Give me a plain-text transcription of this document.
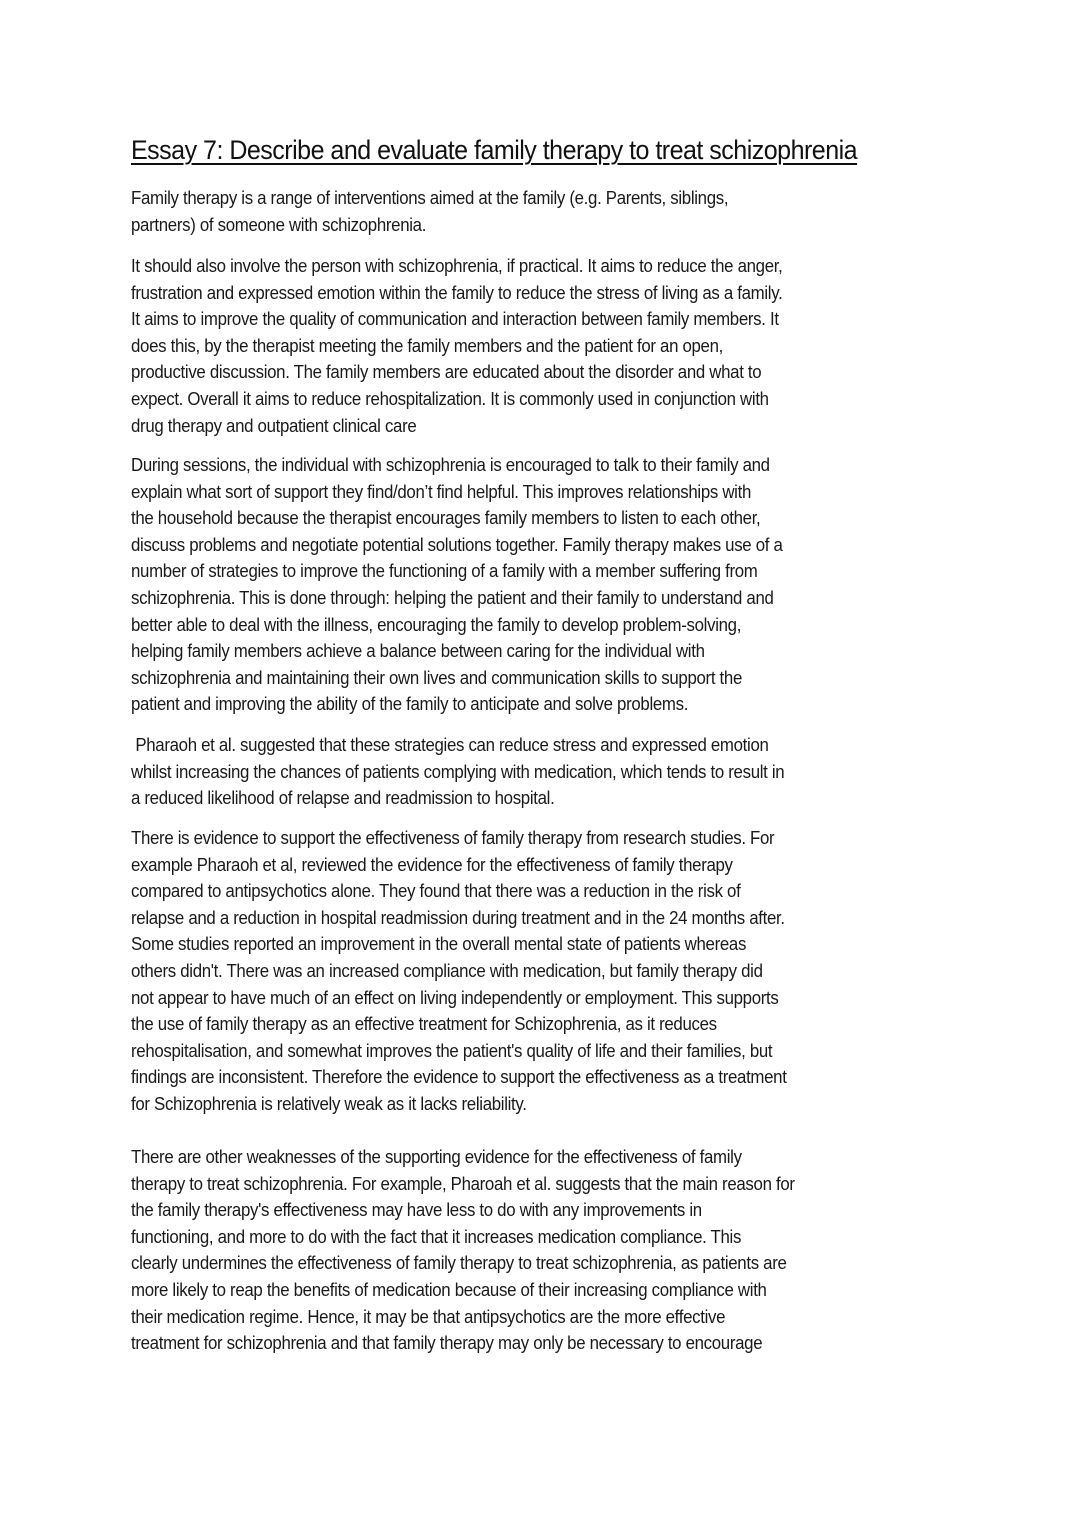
Essay 7: Describe and evaluate family therapy to treat schizophrenia
Family therapy is a range of interventions aimed at the family (e.g. Parents, siblings,
partners) of someone with schizophrenia.
It should also involve the person with schizophrenia, if practical. It aims to reduce the anger,
frustration and expressed emotion within the family to reduce the stress of living as a family.
It aims to improve the quality of communication and interaction between family members. It
does this, by the therapist meeting the family members and the patient for an open,
productive discussion. The family members are educated about the disorder and what to
expect. Overall it aims to reduce rehospitalization. It is commonly used in conjunction with
drug therapy and outpatient clinical care
During sessions, the individual with schizophrenia is encouraged to talk to their family and
explain what sort of support they find/don’t find helpful. This improves relationships with
the household because the therapist encourages family members to listen to each other,
discuss problems and negotiate potential solutions together. Family therapy makes use of a
number of strategies to improve the functioning of a family with a member suffering from
schizophrenia. This is done through: helping the patient and their family to understand and
better able to deal with the illness, encouraging the family to develop problem-solving,
helping family members achieve a balance between caring for the individual with
schizophrenia and maintaining their own lives and communication skills to support the
patient and improving the ability of the family to anticipate and solve problems.
Pharaoh et al. suggested that these strategies can reduce stress and expressed emotion
whilst increasing the chances of patients complying with medication, which tends to result in
a reduced likelihood of relapse and readmission to hospital.
There is evidence to support the effectiveness of family therapy from research studies. For
example Pharaoh et al, reviewed the evidence for the effectiveness of family therapy
compared to antipsychotics alone. They found that there was a reduction in the risk of
relapse and a reduction in hospital readmission during treatment and in the 24 months after.
Some studies reported an improvement in the overall mental state of patients whereas
others didn't. There was an increased compliance with medication, but family therapy did
not appear to have much of an effect on living independently or employment. This supports
the use of family therapy as an effective treatment for Schizophrenia, as it reduces
rehospitalisation, and somewhat improves the patient's quality of life and their families, but
findings are inconsistent. Therefore the evidence to support the effectiveness as a treatment
for Schizophrenia is relatively weak as it lacks reliability.
There are other weaknesses of the supporting evidence for the effectiveness of family
therapy to treat schizophrenia. For example, Pharoah et al. suggests that the main reason for
the family therapy's effectiveness may have less to do with any improvements in
functioning, and more to do with the fact that it increases medication compliance. This
clearly undermines the effectiveness of family therapy to treat schizophrenia, as patients are
more likely to reap the benefits of medication because of their increasing compliance with
their medication regime. Hence, it may be that antipsychotics are the more effective
treatment for schizophrenia and that family therapy may only be necessary to encourage
